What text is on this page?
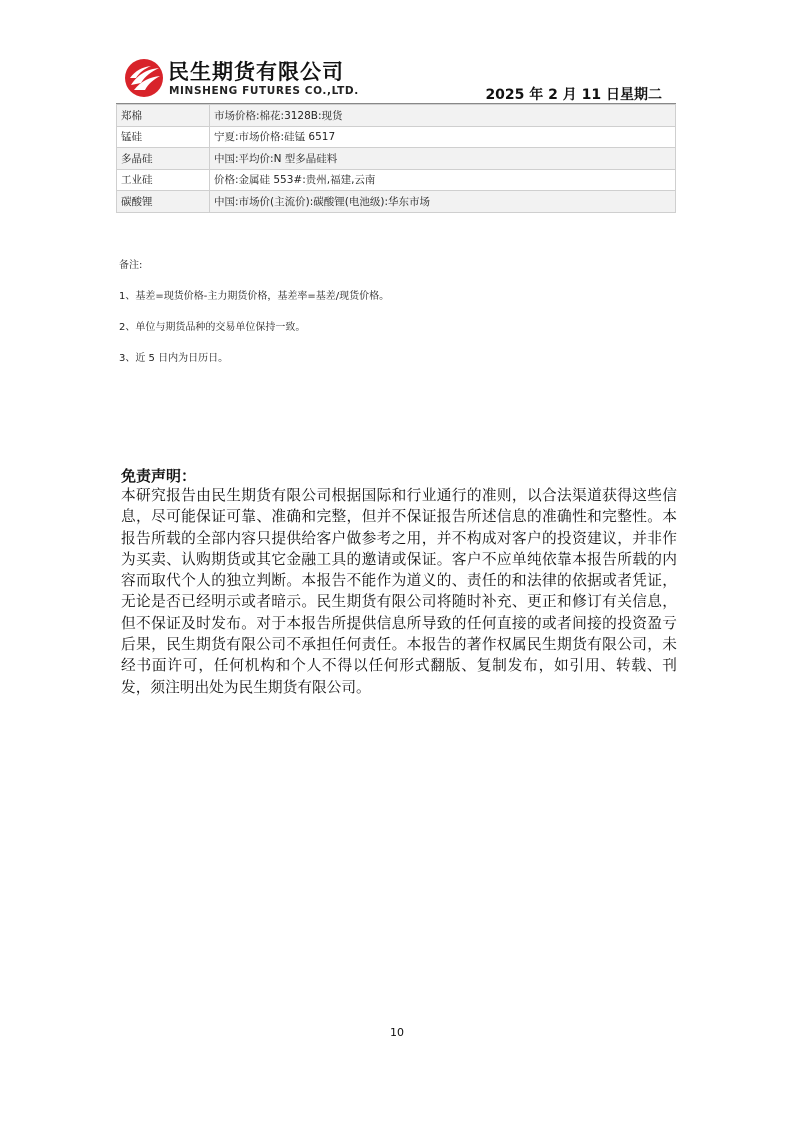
民生期货有限公司
MINSHENG FUTURES CO.,LTD.	2025 年 2 月 11 日星期二
郑棉	市场价格:棉花:3128B:现货
锰硅	宁夏:市场价格:硅锰 6517
多晶硅	中国:平均价:N 型多晶硅料
工业硅	价格:金属硅 553#:贵州,福建,云南
碳酸锂	中国:市场价(主流价):碳酸锂(电池级):华东市场

备注:

1、基差=现货价格-主力期货价格，基差率=基差/现货价格。

2、单位与期货品种的交易单位保持一致。

3、近 5 日内为日历日。

免责声明：

本研究报告由民生期货有限公司根据国际和行业通行的准则，以合法渠道获得这些信息，尽可能保证可靠、准确和完整，但并不保证报告所述信息的准确性和完整性。本报告所载的全部内容只提供给客户做参考之用，并不构成对客户的投资建议，并非作为买卖、认购期货或其它金融工具的邀请或保证。客户不应单纯依靠本报告所载的内容而取代个人的独立判断。本报告不能作为道义的、责任的和法律的依据或者凭证，无论是否已经明示或者暗示。民生期货有限公司将随时补充、更正和修订有关信息，但不保证及时发布。对于本报告所提供信息所导致的任何直接的或者间接的投资盈亏后果，民生期货有限公司不承担任何责任。本报告的著作权属民生期货有限公司，未经书面许可，任何机构和个人不得以任何形式翻版、复制发布，如引用、转载、刊发，须注明出处为民生期货有限公司。

10
